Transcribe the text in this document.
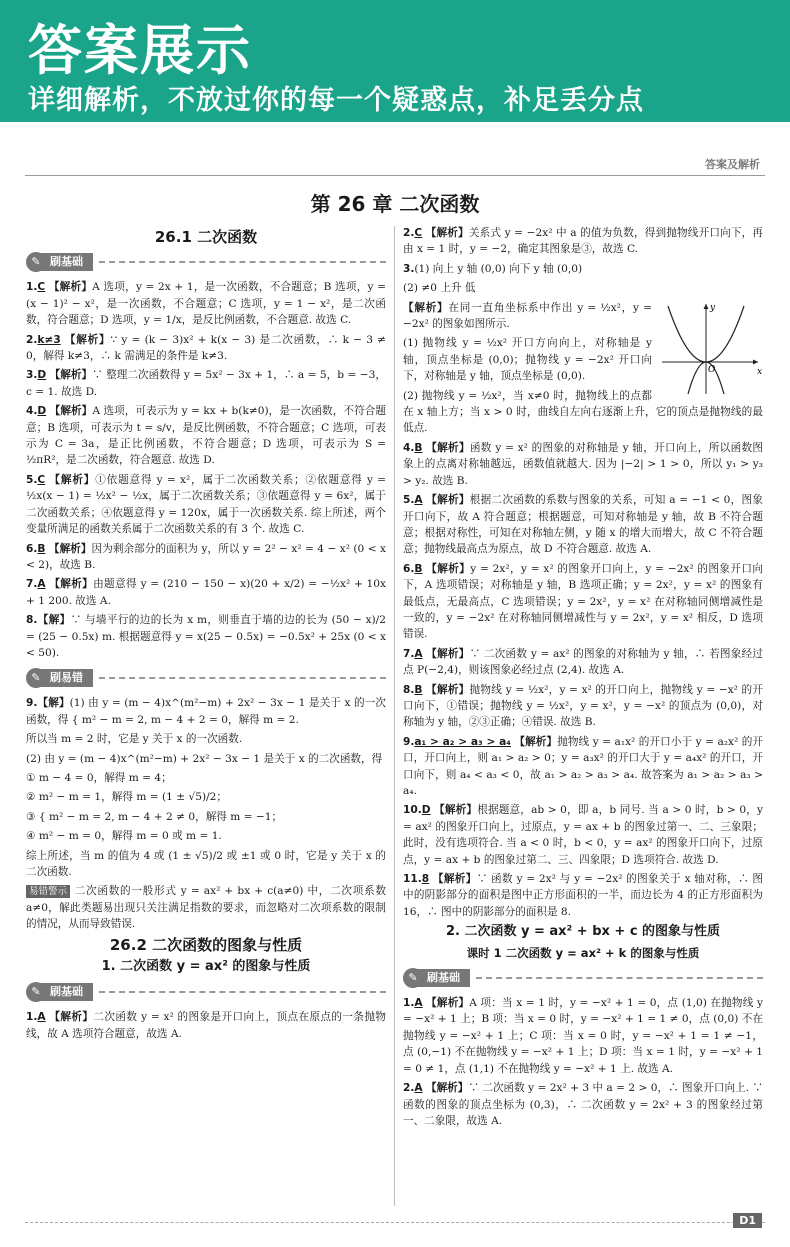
答案展示
详细解析，不放过你的每一个疑惑点，补足丢分点
答案及解析
第 26 章 二次函数
26.1 二次函数
✎ 刷基础
1.C 【解析】A 选项，y = 2x + 1，是一次函数，不合题意；B 选项，y = (x − 1)² − x²，是一次函数，不合题意；C 选项，y = 1 − x²，是二次函数，符合题意；D 选项，y = 1/x，是反比例函数，不合题意. 故选 C.
2.k≠3 【解析】∵ y = (k − 3)x² + k(x − 3) 是二次函数，∴ k − 3 ≠ 0，解得 k≠3，∴ k 需满足的条件是 k≠3.
3.D 【解析】∵ 整理二次函数得 y = 5x² − 3x + 1，∴ a = 5，b = −3，c = 1. 故选 D.
4.D 【解析】A 选项，可表示为 y = kx + b(k≠0)，是一次函数，不符合题意；B 选项，可表示为 t = s/v，是反比例函数，不符合题意；C 选项，可表示为 C = 3a，是正比例函数，不符合题意；D 选项，可表示为 S = ½πR²，是二次函数，符合题意. 故选 D.
5.C 【解析】①依题意得 y = x²，属于二次函数关系；②依题意得 y = ½x(x − 1) = ½x² − ½x，属于二次函数关系；③依题意得 y = 6x²，属于二次函数关系；④依题意得 y = 120x，属于一次函数关系. 综上所述，两个变量所满足的函数关系属于二次函数关系的有 3 个. 故选 C.
6.B 【解析】因为剩余部分的面积为 y，所以 y = 2² − x² = 4 − x² (0 < x < 2)，故选 B.
7.A 【解析】由题意得 y = (210 − 150 − x)(20 + x/2) = −½x² + 10x + 1 200. 故选 A.
8.【解】∵ 与墙平行的边的长为 x m，则垂直于墙的边的长为 (50 − x)/2 = (25 − 0.5x) m. 根据题意得 y = x(25 − 0.5x) = −0.5x² + 25x (0 < x < 50).
✎ 刷易错
9.【解】(1) 由 y = (m − 4)x^(m²−m) + 2x² − 3x − 1 是关于 x 的一次函数，得 { m² − m = 2, m − 4 + 2 = 0，解得 m = 2.
所以当 m = 2 时，它是 y 关于 x 的一次函数.
(2) 由 y = (m − 4)x^(m²−m) + 2x² − 3x − 1 是关于 x 的二次函数，得
① m − 4 = 0，解得 m = 4；
② m² − m = 1，解得 m = (1 ± √5)/2；
③ { m² − m = 2, m − 4 + 2 ≠ 0，解得 m = −1；
④ m² − m = 0，解得 m = 0 或 m = 1.
综上所述，当 m 的值为 4 或 (1 ± √5)/2 或 ±1 或 0 时，它是 y 关于 x 的二次函数.
易错警示 二次函数的一般形式 y = ax² + bx + c(a≠0) 中，二次项系数 a≠0，解此类题易出现只关注满足指数的要求，而忽略对二次项系数的限制的情况，从而导致错误.
26.2 二次函数的图象与性质
1. 二次函数 y = ax² 的图象与性质
✎ 刷基础
1.A 【解析】二次函数 y = x² 的图象是开口向上，顶点在原点的一条抛物线，故 A 选项符合题意，故选 A.
2.C 【解析】关系式 y = −2x² 中 a 的值为负数，得到抛物线开口向下，再由 x = 1 时，y = −2，确定其图象是③，故选 C.
3.(1) 向上 y 轴 (0,0) 向下 y 轴 (0,0)
(2) ≠0 上升 低
x
y
O
【解析】在同一直角坐标系中作出 y = ½x²，y = −2x² 的图象如图所示.
(1) 抛物线 y = ½x² 开口方向向上，对称轴是 y 轴，顶点坐标是 (0,0)；抛物线 y = −2x² 开口向下，对称轴是 y 轴，顶点坐标是 (0,0).
(2) 抛物线 y = ½x²，当 x≠0 时，抛物线上的点都在 x 轴上方；当 x > 0 时，曲线自左向右逐渐上升，它的顶点是抛物线的最低点.
4.B 【解析】函数 y = x² 的图象的对称轴是 y 轴，开口向上，所以函数图象上的点离对称轴越远，函数值就越大. 因为 |−2| > 1 > 0，所以 y₁ > y₃ > y₂. 故选 B.
5.A 【解析】根据二次函数的系数与图象的关系，可知 a = −1 < 0，图象开口向下，故 A 符合题意；根据题意，可知对称轴是 y 轴，故 B 不符合题意；根据对称性，可知在对称轴左侧，y 随 x 的增大而增大，故 C 不符合题意；抛物线最高点为原点，故 D 不符合题意. 故选 A.
6.B 【解析】y = 2x²，y = x² 的图象开口向上，y = −2x² 的图象开口向下，A 选项错误；对称轴是 y 轴，B 选项正确；y = 2x²，y = x² 的图象有最低点，无最高点，C 选项错误；y = 2x²，y = x² 在对称轴同侧增减性是一致的，y = −2x² 在对称轴同侧增减性与 y = 2x²，y = x² 相反，D 选项错误.
7.A 【解析】∵ 二次函数 y = ax² 的图象的对称轴为 y 轴，∴ 若图象经过点 P(−2,4)，则该图象必经过点 (2,4). 故选 A.
8.B 【解析】抛物线 y = ½x²，y = x² 的开口向上，抛物线 y = −x² 的开口向下，①错误；抛物线 y = ½x²，y = x²，y = −x² 的顶点为 (0,0)，对称轴为 y 轴，②③正确；④错误. 故选 B.
9.a₁ > a₂ > a₃ > a₄ 【解析】抛物线 y = a₁x² 的开口小于 y = a₂x² 的开口，开口向上，则 a₁ > a₂ > 0；y = a₃x² 的开口大于 y = a₄x² 的开口，开口向下，则 a₄ < a₃ < 0，故 a₁ > a₂ > a₃ > a₄. 故答案为 a₁ > a₂ > a₃ > a₄.
10.D 【解析】根据题意，ab > 0，即 a，b 同号. 当 a > 0 时，b > 0，y = ax² 的图象开口向上，过原点，y = ax + b 的图象过第一、二、三象限；此时，没有选项符合. 当 a < 0 时，b < 0，y = ax² 的图象开口向下，过原点，y = ax + b 的图象过第二、三、四象限；D 选项符合. 故选 D.
11.8 【解析】∵ 函数 y = 2x² 与 y = −2x² 的图象关于 x 轴对称，∴ 图中的阴影部分的面积是图中正方形面积的一半，而边长为 4 的正方形面积为 16，∴ 图中的阴影部分的面积是 8.
2. 二次函数 y = ax² + bx + c 的图象与性质
课时 1 二次函数 y = ax² + k 的图象与性质
✎ 刷基础
1.A 【解析】A 项：当 x = 1 时，y = −x² + 1 = 0，点 (1,0) 在抛物线 y = −x² + 1 上；B 项：当 x = 0 时，y = −x² + 1 = 1 ≠ 0，点 (0,0) 不在抛物线 y = −x² + 1 上；C 项：当 x = 0 时，y = −x² + 1 = 1 ≠ −1，点 (0,−1) 不在抛物线 y = −x² + 1 上；D 项：当 x = 1 时，y = −x² + 1 = 0 ≠ 1，点 (1,1) 不在抛物线 y = −x² + 1 上. 故选 A.
2.A 【解析】∵ 二次函数 y = 2x² + 3 中 a = 2 > 0，∴ 图象开口向上. ∵ 函数的图象的顶点坐标为 (0,3)，∴ 二次函数 y = 2x² + 3 的图象经过第一、二象限，故选 A.
D1
